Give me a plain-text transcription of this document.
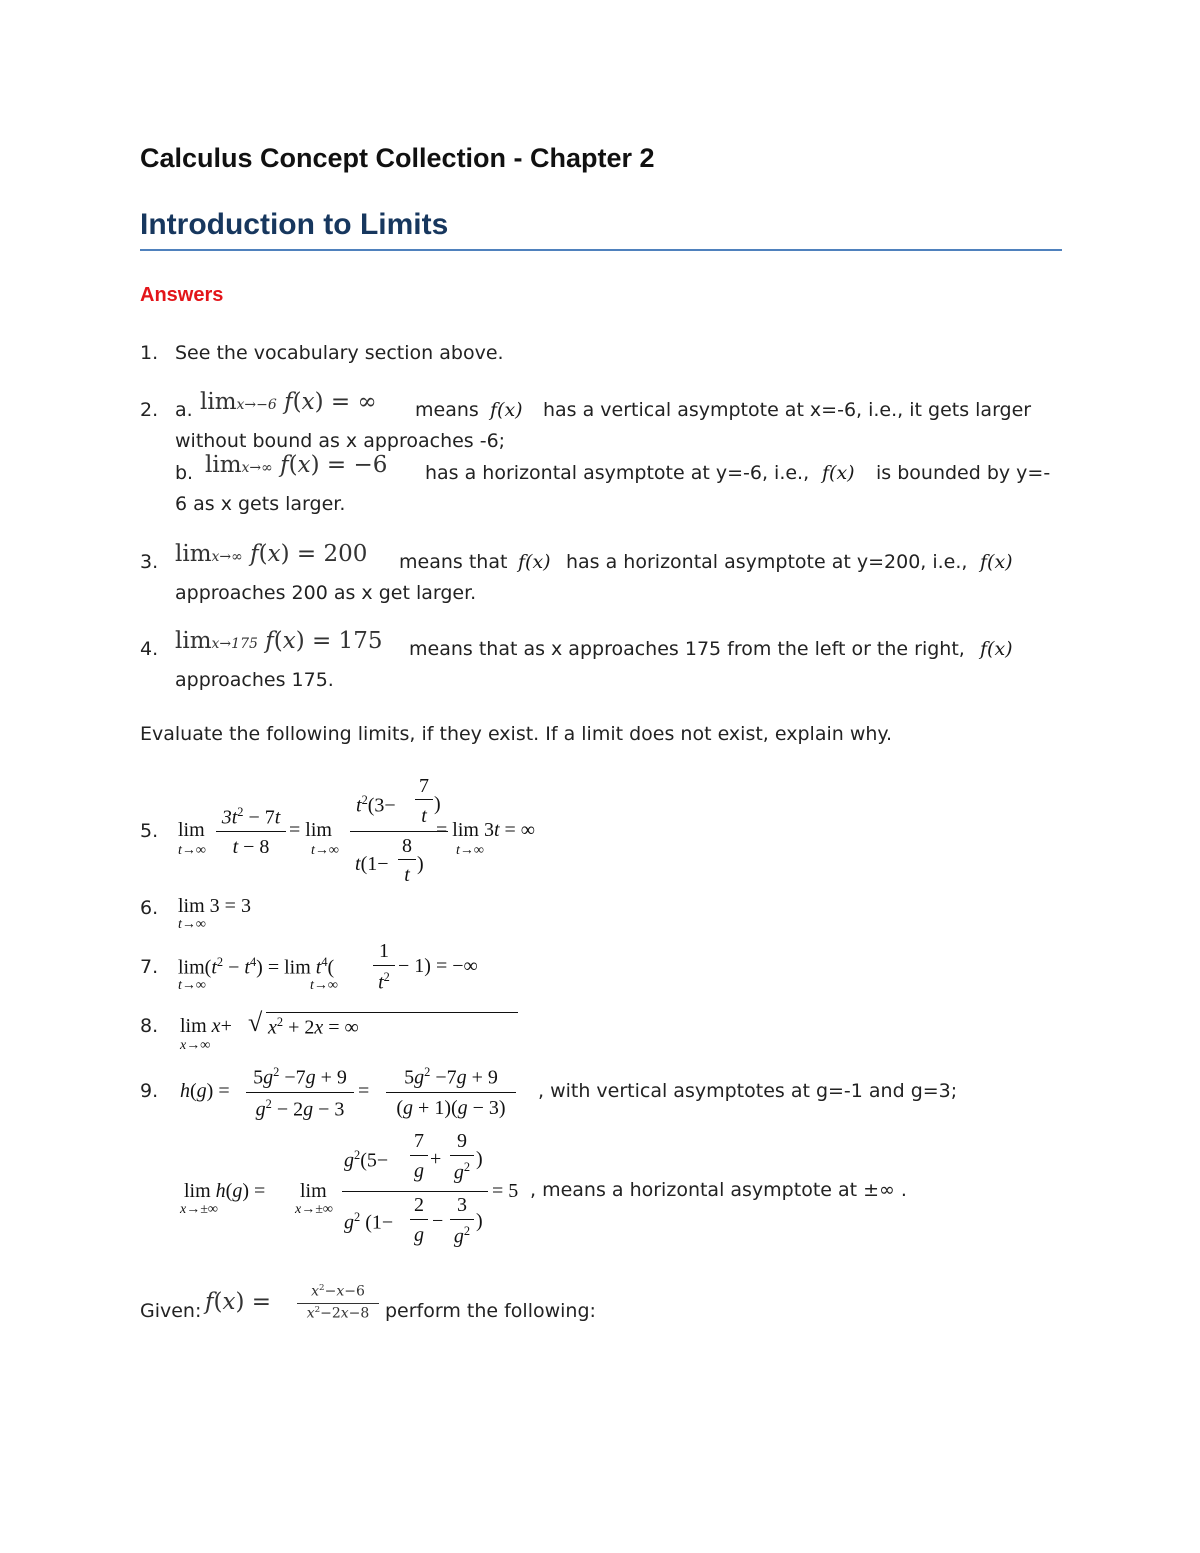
Calculus Concept Collection - Chapter 2
Introduction to Limits
Answers
1. See the vocabulary section above.
2. a. limx→−6 f(x) = ∞ means f(x) has a vertical asymptote at x=-6, i.e., it gets larger
without bound as x approaches -6;
b. limx→∞ f(x) = −6 has a horizontal asymptote at y=-6, i.e., f(x) is bounded by y=-
6 as x gets larger.
3. limx→∞ f(x) = 200 means that f(x) has a horizontal asymptote at y=200, i.e., f(x)
approaches 200 as x get larger.
4. limx→175 f(x) = 175 means that as x approaches 175 from the left or the right, f(x)
approaches 175.
Evaluate the following limits, if they exist. If a limit does not exist, explain why.
5. lim
t→∞
$3t^2 - 7t$
t − 8
= lim
t→∞
$t^2(3-$
7
t
)
t(1−
8
t )
= lim 3t = ∞
t→∞
6. lim 3 = 3
t→∞
7. $\lim(t^2 - t^4) = \lim t^4$(
1
$t^2 - 1$) = −∞
t→∞	t→∞
8. lim x+ √ $x^2 + 2x$ = ∞
x→∞
9. h(g) =
$5g^2 -7g + 9$
$g^2 - 2g - 3$
=
$5g^2 -7g + 9$
(g + 1)(g − 3)
, with vertical asymptotes at g=-1 and g=3;
lim h(g) =
x→±∞
lim
x→±∞
$g^2(5-$
7
g
+
9
$g^2$ )
$g^2$ (1−
2
g
−
3
$g^2$ )
= 5 , means a horizontal asymptote at ±∞ .
Given: f(x) =	$x^2-x-6$
$x^2-2x-8$ perform the following:
